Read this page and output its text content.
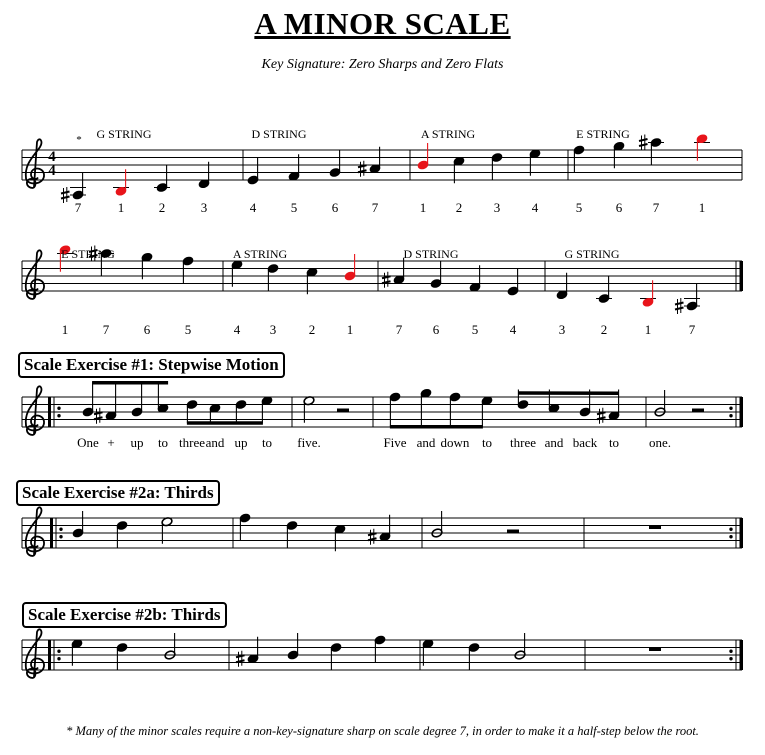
A MINOR SCALE
Key Signature: Zero Sharps and Zero Flats
Scale Exercise #1: Stepwise Motion
Scale Exercise #2a: Thirds
Scale Exercise #2b: Thirds
4
4
*
7	1	2	3	4	5	6	7	1 2 3 4	5	6 7	1
G STRING	D STRING	A STRING	E STRING
1	7	6	5	4 3	2 1	7 6	5 4	3	2	1	7
E STRING	A STRING	D STRING	G STRING
One + up to three and up to five.	Five and down to three and back to one.
* Many of the minor scales require a non-key-signature sharp on scale degree 7, in order to make it a half-step below the root.
